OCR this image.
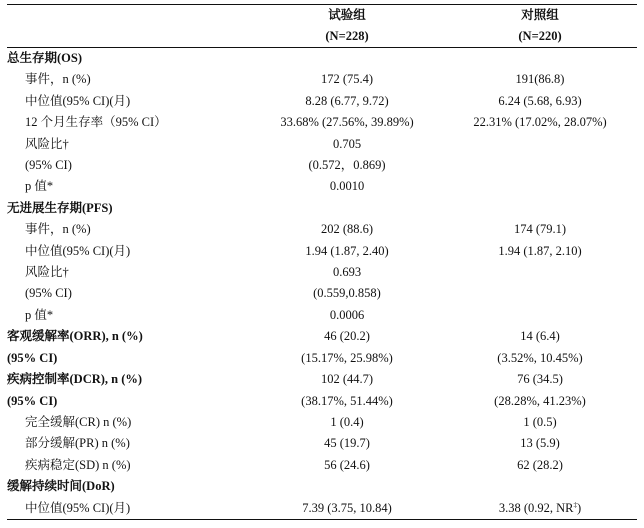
	试验组	对照组
	(N=228)	(N=220)
总生存期(OS)		
事件，n (%)	172 (75.4)	191(86.8)
中位值(95% CI)(月)	8.28 (6.77, 9.72)	6.24 (5.68, 6.93)
12 个月生存率（95% CI）	33.68% (27.56%, 39.89%)	22.31% (17.02%, 28.07%)
风险比†	0.705	
(95% CI)	(0.572，0.869)	
p 值*	0.0010	
无进展生存期(PFS)		
事件，n (%)	202 (88.6)	174 (79.1)
中位值(95% CI)(月)	1.94 (1.87, 2.40)	1.94 (1.87, 2.10)
风险比†	0.693	
(95% CI)	(0.559,0.858)	
p 值*	0.0006	
客观缓解率(ORR), n (%)	46 (20.2)	14 (6.4)
(95% CI)	(15.17%, 25.98%)	(3.52%, 10.45%)
疾病控制率(DCR), n (%)	102 (44.7)	76 (34.5)
(95% CI)	(38.17%, 51.44%)	(28.28%, 41.23%)
完全缓解(CR) n (%)	1 (0.4)	1 (0.5)
部分缓解(PR) n (%)	45 (19.7)	13 (5.9)
疾病稳定(SD) n (%)	56 (24.6)	62 (28.2)
缓解持续时间(DoR)		
中位值(95% CI)(月)	7.39 (3.75, 10.84)	3.38 (0.92, NR‡)
